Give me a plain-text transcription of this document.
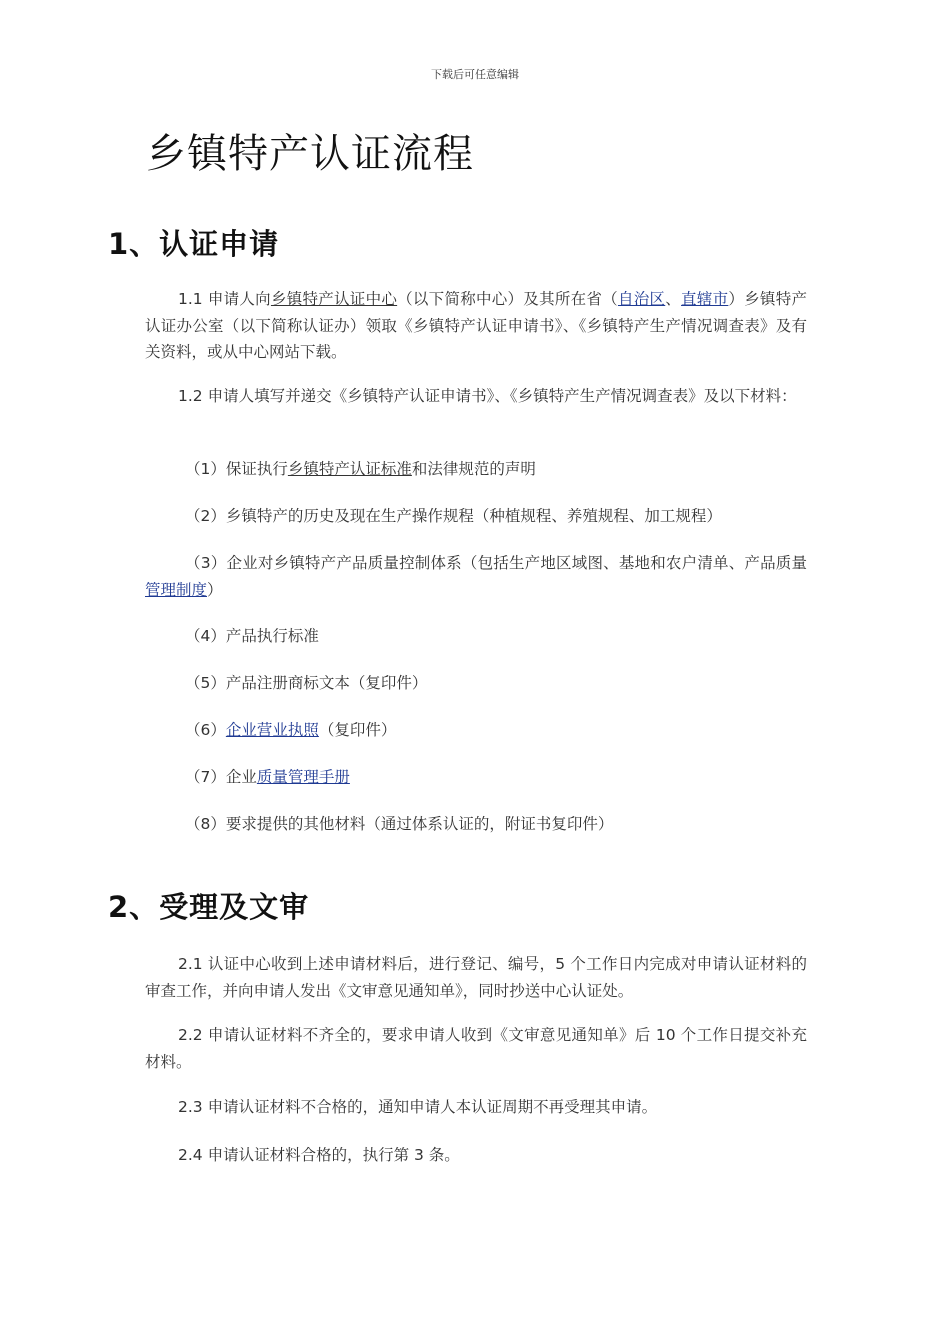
下载后可任意编辑
乡镇特产认证流程
1、认证申请

1.1 申请人向乡镇特产认证中心（以下简称中心）及其所在省（自治区、直辖市）乡镇特产认证办公室（以下简称认证办）领取《乡镇特产认证申请书》、《乡镇特产生产情况调查表》及有关资料，或从中心网站下载。

1.2 申请人填写并递交《乡镇特产认证申请书》、《乡镇特产生产情况调查表》及以下材料：

（1）保证执行乡镇特产认证标准和法律规范的声明

（2）乡镇特产的历史及现在生产操作规程（种植规程、养殖规程、加工规程）

（3）企业对乡镇特产产品质量控制体系（包括生产地区域图、基地和农户清单、产品质量管理制度）

（4）产品执行标准

（5）产品注册商标文本（复印件）

（6）企业营业执照（复印件）

（7）企业质量管理手册

（8）要求提供的其他材料（通过体系认证的，附证书复印件）

2、受理及文审

2.1 认证中心收到上述申请材料后，进行登记、编号，5 个工作日内完成对申请认证材料的审查工作，并向申请人发出《文审意见通知单》，同时抄送中心认证处。

2.2 申请认证材料不齐全的，要求申请人收到《文审意见通知单》后 10 个工作日提交补充材料。

2.3 申请认证材料不合格的，通知申请人本认证周期不再受理其申请。

2.4 申请认证材料合格的，执行第 3 条。
